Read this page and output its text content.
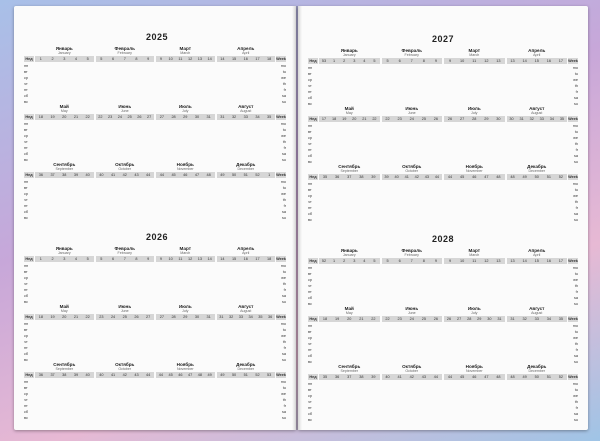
2025
Нед
пн
вт
ср
чт
пт
сб
вс
Week
mo
tu
we
th
fr
sa
su
Январь
January
1	2	3	4	5
Февраль
February
5	6	7	8	9
Март
March
9	10	11	12	13	14
Апрель
April
14	15	16	17	18
Нед
пн
вт
ср
чт
пт
сб
вс
Week
mo
tu
we
th
fr
sa
su
Май
May
18	19	20	21	22
Июнь
June
22	23	24	25	26	27
Июль
July
27	28	29	30	31
Август
August
31	32	33	34	35
Нед
пн
вт
ср
чт
пт
сб
вс
Week
mo
tu
we
th
fr
sa
su
Сентябрь
September
36	37	38	39	40
Октябрь
October
40	41	42	43	44
Ноябрь
November
44	45	46	47	48
Декабрь
December
49	50	51	52	1
2026
Нед
пн
вт
ср
чт
пт
сб
вс
Week
mo
tu
we
th
fr
sa
su
Январь
January
1	2	3	4	5
Февраль
February
5	6	7	8	9
Март
March
9	10	11	12	13	14
Апрель
April
14	15	16	17	18
Нед
пн
вт
ср
чт
пт
сб
вс
Week
mo
tu
we
th
fr
sa
su
Май
May
18	19	20	21	22
Июнь
June
23	24	25	26	27
Июль
July
27	28	29	30	31
Август
August
31	32	33	34	35	36
Нед
пн
вт
ср
чт
пт
сб
вс
Week
mo
tu
we
th
fr
sa
su
Сентябрь
September
36	37	38	39	40
Октябрь
October
40	41	42	43	44
Ноябрь
November
44	45	46	47	48	49
Декабрь
December
49	50	51	52	53
2027
Нед
пн
вт
ср
чт
пт
сб
вс
Week
mo
tu
we
th
fr
sa
su
Январь
January
53	1	2	3	4	5
Февраль
February
5	6	7	8	9
Март
March
9	10	11	12	13
Апрель
April
13	14	15	16	17
Нед
пн
вт
ср
чт
пт
сб
вс
Week
mo
tu
we
th
fr
sa
su
Май
May
17	18	19	20	21	22
Июнь
June
22	23	24	25	26
Июль
July
26	27	28	29	30
Август
August
30	31	32	33	34	35
Нед
пн
вт
ср
чт
пт
сб
вс
Week
mo
tu
we
th
fr
sa
su
Сентябрь
September
35	36	37	38	39
Октябрь
October
39	40	41	42	43	44
Ноябрь
November
44	45	46	47	48
Декабрь
December
48	49	50	51	52
2028
Нед
пн
вт
ср
чт
пт
сб
вс
Week
mo
tu
we
th
fr
sa
su
Январь
January
52	1	2	3	4	5
Февраль
February
5	6	7	8	9
Март
March
9	10	11	12	13
Апрель
April
13	14	15	16	17
Нед
пн
вт
ср
чт
пт
сб
вс
Week
mo
tu
we
th
fr
sa
su
Май
May
18	19	20	21	22
Июнь
June
22	23	24	25	26
Июль
July
26	27	28	29	30	31
Август
August
31	32	33	34	35
Нед
пн
вт
ср
чт
пт
сб
вс
Week
mo
tu
we
th
fr
sa
su
Сентябрь
September
35	36	37	38	39
Октябрь
October
40	41	42	43	44
Ноябрь
November
44	45	46	47	48
Декабрь
December
48	49	50	51	52
